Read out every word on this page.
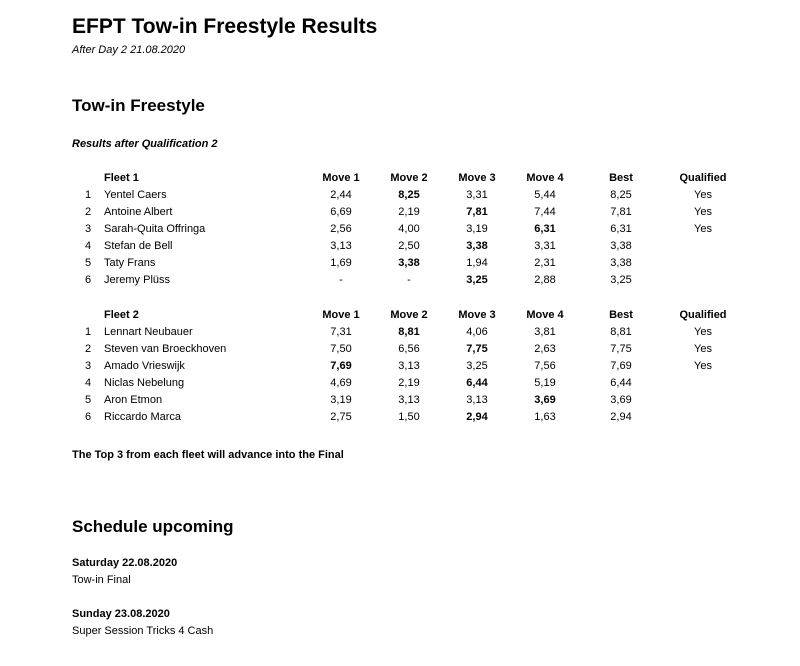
EFPT Tow-in Freestyle Results
After Day 2 21.08.2020
Tow-in Freestyle
Results after Qualification 2
	Fleet 1	Move 1	Move 2	Move 3	Move 4	Best	Qualified
1	Yentel Caers	2,44	8,25	3,31	5,44	8,25	Yes
2	Antoine Albert	6,69	2,19	7,81	7,44	7,81	Yes
3	Sarah-Quita Offringa	2,56	4,00	3,19	6,31	6,31	Yes
4	Stefan de Bell	3,13	2,50	3,38	3,31	3,38	
5	Taty Frans	1,69	3,38	1,94	2,31	3,38	
6	Jeremy Plüss	-	-	3,25	2,88	3,25	
	Fleet 2	Move 1	Move 2	Move 3	Move 4	Best	Qualified
1	Lennart Neubauer	7,31	8,81	4,06	3,81	8,81	Yes
2	Steven van Broeckhoven	7,50	6,56	7,75	2,63	7,75	Yes
3	Amado Vrieswijk	7,69	3,13	3,25	7,56	7,69	Yes
4	Niclas Nebelung	4,69	2,19	6,44	5,19	6,44	
5	Aron Etmon	3,19	3,13	3,13	3,69	3,69	
6	Riccardo Marca	2,75	1,50	2,94	1,63	2,94	
The Top 3 from each fleet will advance into the Final
Schedule upcoming
Saturday 22.08.2020
Tow-in Final
Sunday 23.08.2020
Super Session Tricks 4 Cash
